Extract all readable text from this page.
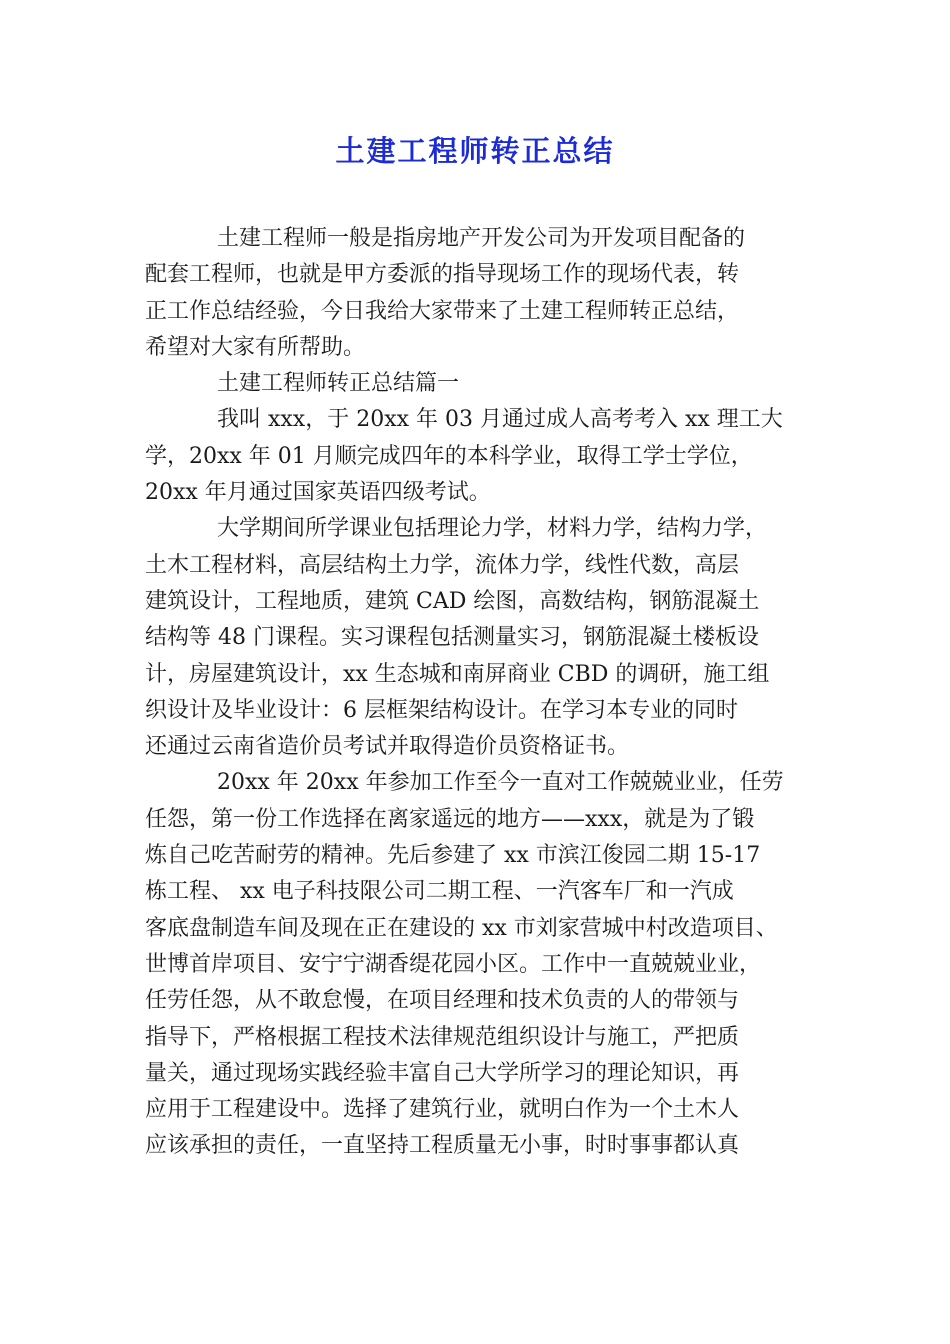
土建工程师转正总结
土建工程师一般是指房地产开发公司为开发项目配备的
配套工程师，也就是甲方委派的指导现场工作的现场代表，转
正工作总结经验，今日我给大家带来了土建工程师转正总结，
希望对大家有所帮助。
土建工程师转正总结篇一
我叫 xxx，于 20xx 年 03 月通过成人高考考入 xx 理工大
学，20xx 年 01 月顺完成四年的本科学业，取得工学士学位，
20xx 年月通过国家英语四级考试。
大学期间所学课业包括理论力学，材料力学，结构力学，
土木工程材料，高层结构土力学，流体力学，线性代数，高层
建筑设计，工程地质，建筑 CAD 绘图，高数结构，钢筋混凝土
结构等 48 门课程。实习课程包括测量实习，钢筋混凝土楼板设
计，房屋建筑设计，xx 生态城和南屏商业 CBD 的调研，施工组
织设计及毕业设计：6 层框架结构设计。在学习本专业的同时
还通过云南省造价员考试并取得造价员资格证书。
20xx 年 20xx 年参加工作至今一直对工作兢兢业业，任劳
任怨，第一份工作选择在离家遥远的地方——xxx，就是为了锻
炼自己吃苦耐劳的精神。先后参建了 xx 市滨江俊园二期 15-17
栋工程、 xx 电子科技限公司二期工程、一汽客车厂和一汽成
客底盘制造车间及现在正在建设的 xx 市刘家营城中村改造项目、
世博首岸项目、安宁宁湖香缇花园小区。工作中一直兢兢业业，
任劳任怨，从不敢怠慢，在项目经理和技术负责的人的带领与
指导下，严格根据工程技术法律规范组织设计与施工，严把质
量关，通过现场实践经验丰富自己大学所学习的理论知识，再
应用于工程建设中。选择了建筑行业，就明白作为一个土木人
应该承担的责任，一直坚持工程质量无小事，时时事事都认真
